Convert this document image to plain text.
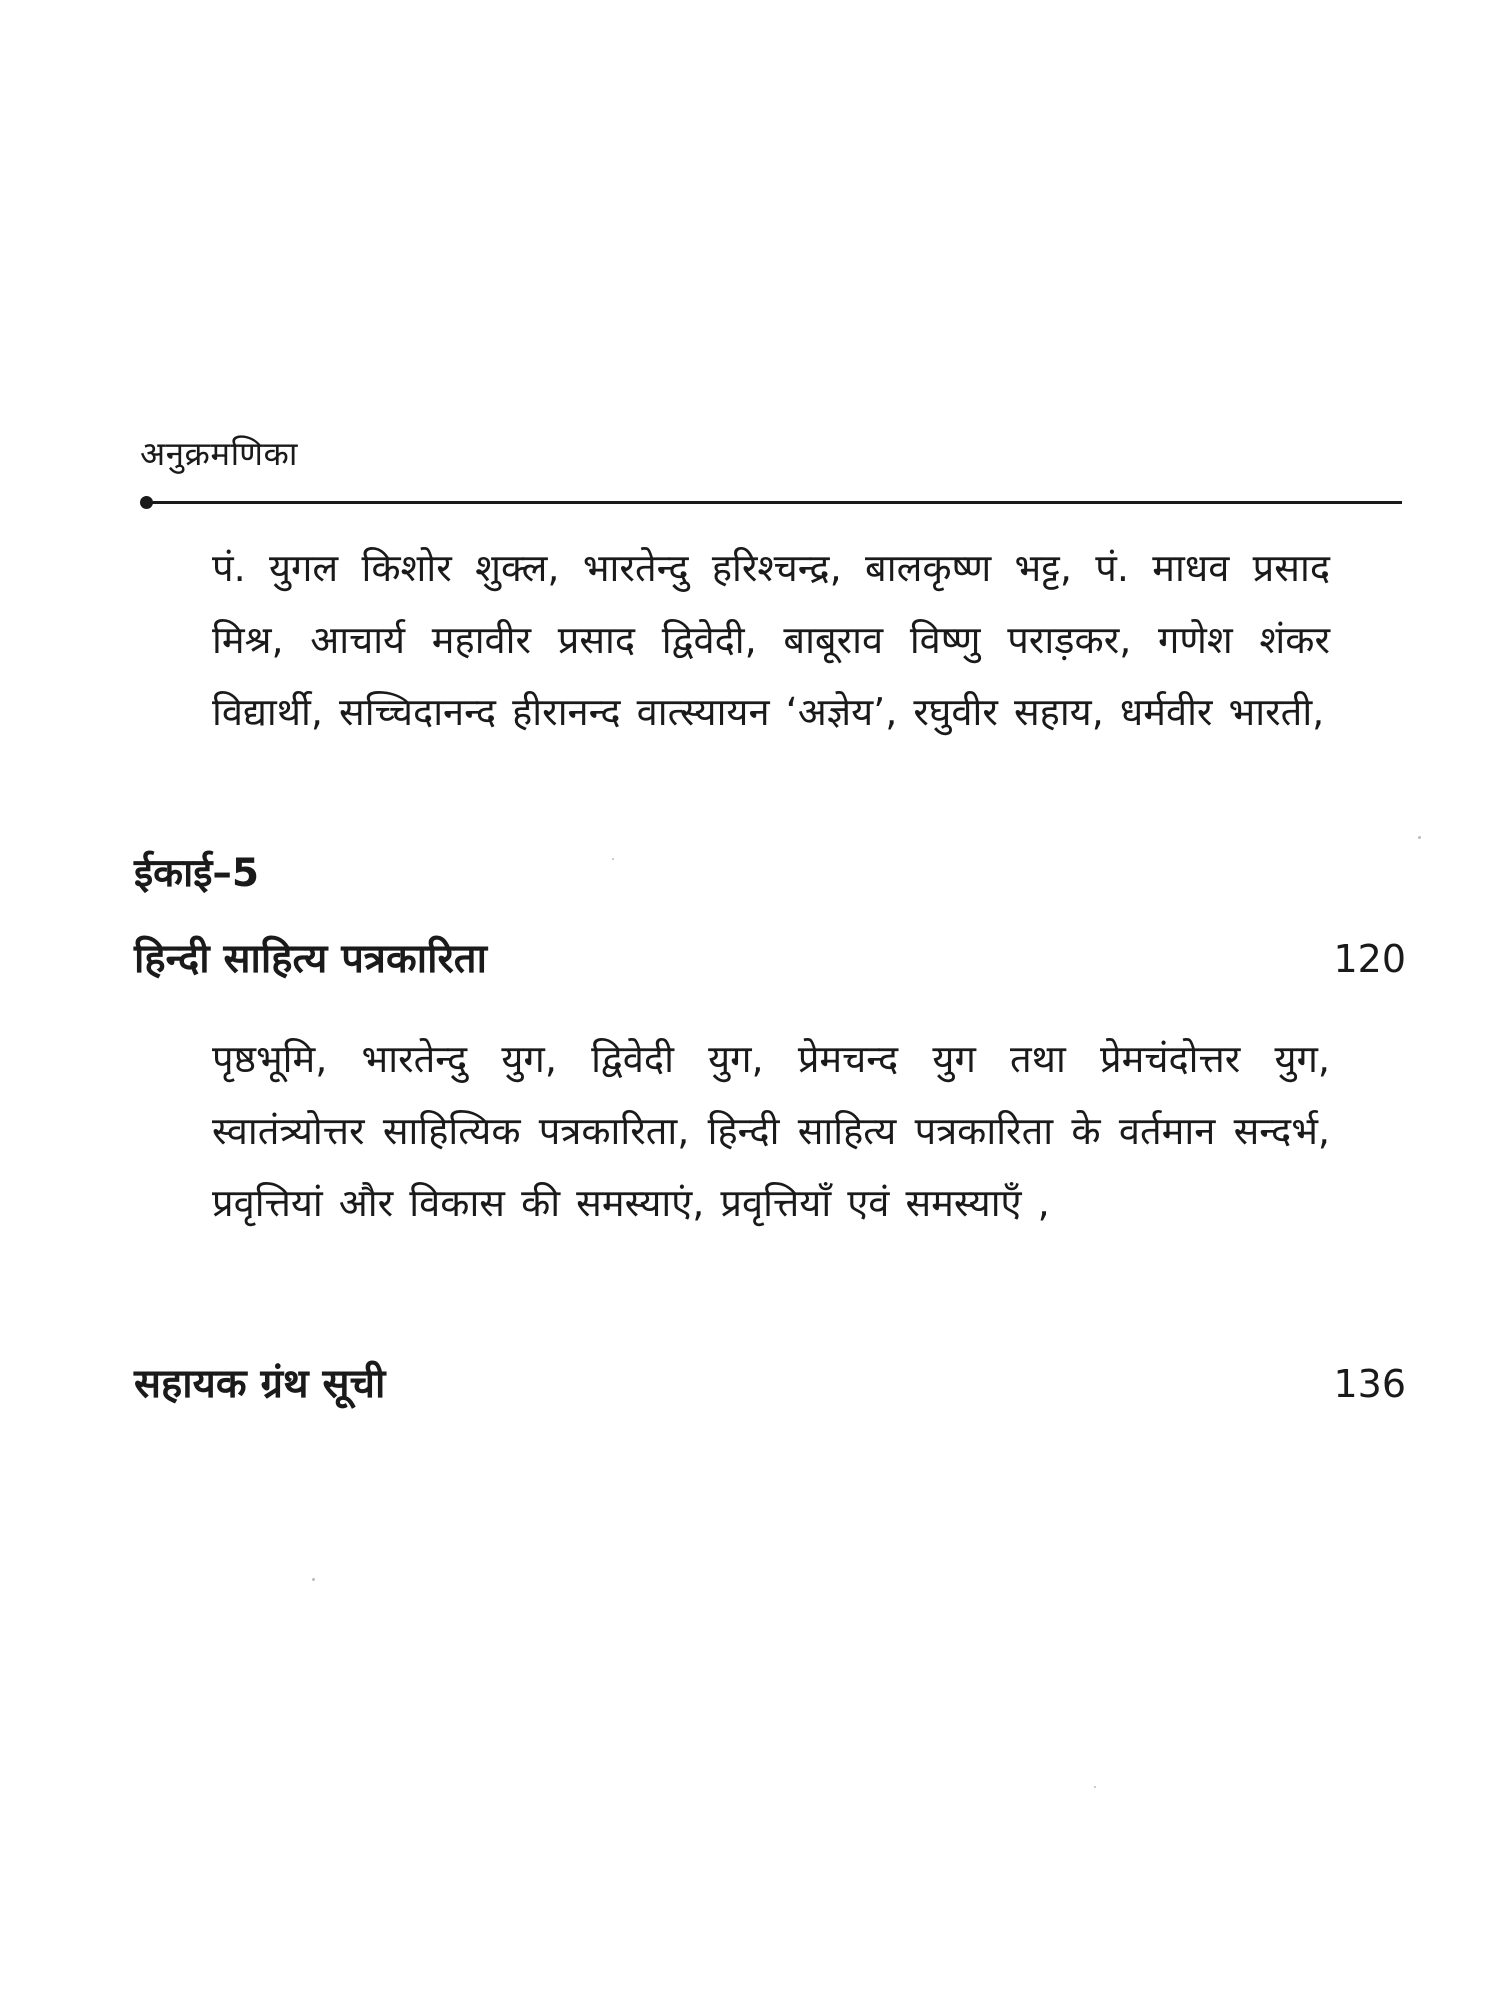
अनुक्रमणिका
पं. युगल किशोर शुक्ल, भारतेन्दु हरिश्चन्द्र, बालकृष्ण भट्ट, पं. माधव प्रसाद मिश्र, आचार्य महावीर प्रसाद द्विवेदी, बाबूराव विष्णु पराड़कर, गणेश शंकर विद्यार्थी, सच्चिदानन्द हीरानन्द वात्स्यायन ‘अज्ञेय’, रघुवीर सहाय, धर्मवीर भारती,
ईकाई–5
हिन्दी साहित्य पत्रकारिता	120
पृष्ठभूमि, भारतेन्दु युग, द्विवेदी युग, प्रेमचन्द युग तथा प्रेमचंदोत्तर युग, स्वातंत्र्योत्तर साहित्यिक पत्रकारिता, हिन्दी साहित्य पत्रकारिता के वर्तमान सन्दर्भ, प्रवृत्तियां और विकास की समस्याएं, प्रवृत्तियाँ एवं समस्याएँ ,
सहायक ग्रंथ सूची	136
